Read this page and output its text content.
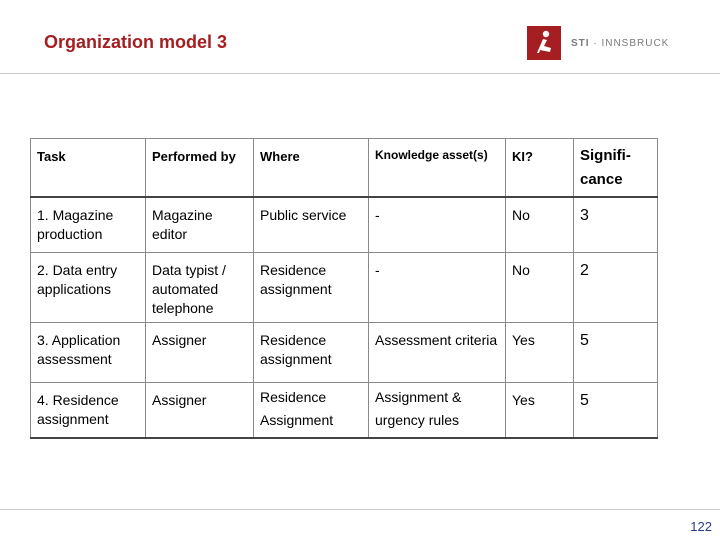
Organization model 3	STI · INNSBRUCK
Task	Performed by	Where	Knowledge asset(s)	KI?	Signifi-cance
1. Magazine production	Magazine editor	Public service	-	No	3
2. Data entry applications	Data typist / automated telephone	Residence assignment	-	No	2
3. Application assessment	Assigner	Residence assignment	Assessment criteria	Yes	5
4. Residence assignment	Assigner	Residence Assignment	Assignment & urgency rules	Yes	5
122
